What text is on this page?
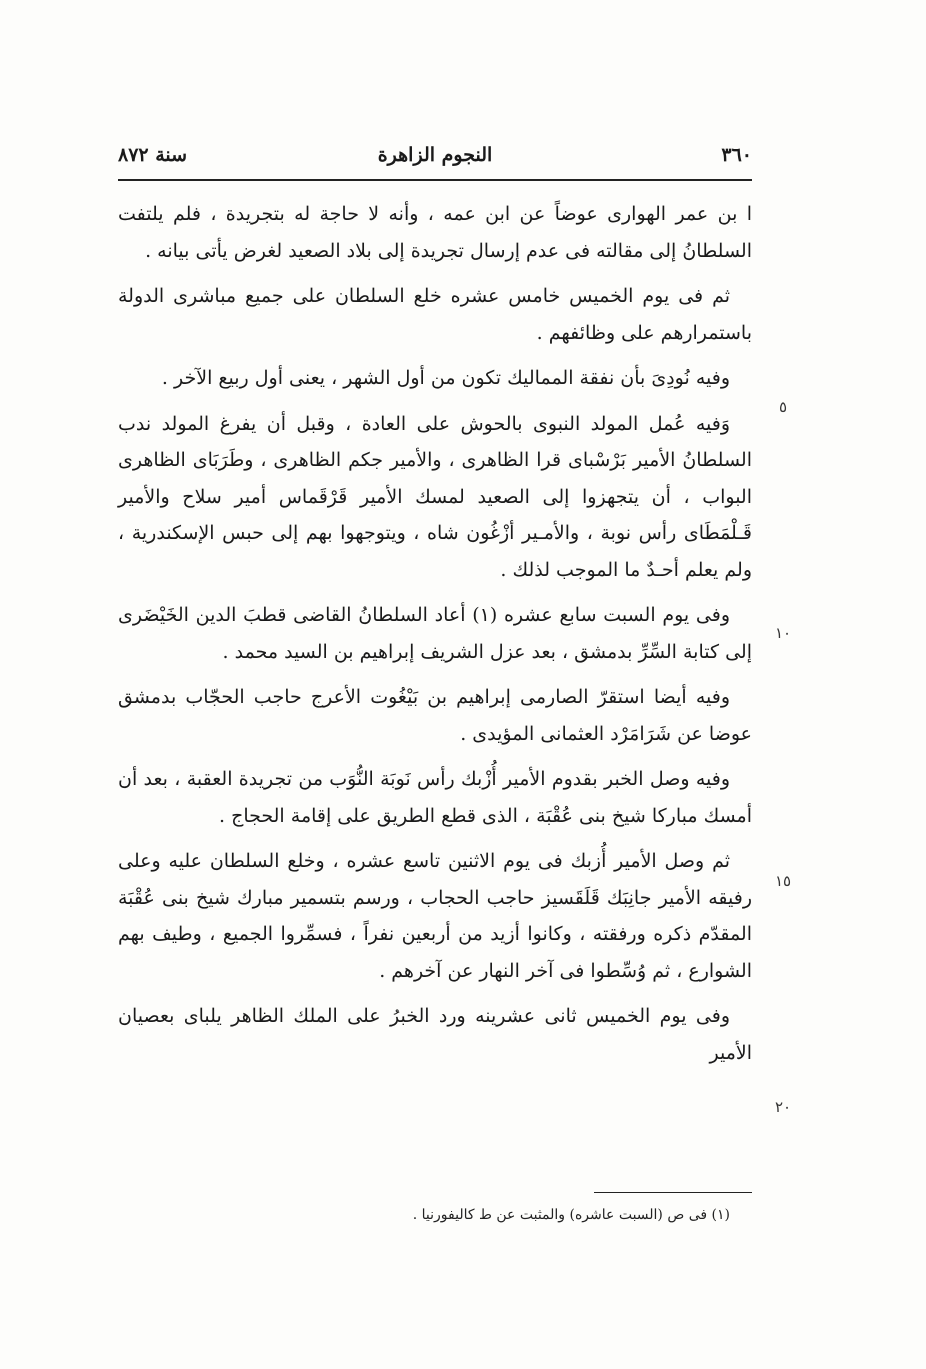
٣٦٠
النجوم الزاهرة
سنة ٨٧٢

ا بن عمر الهوارى عوضاً عن ابن عمه ، وأنه لا حاجة له بتجريدة ، فلم يلتفت السلطانُ إلى مقالته فى عدم إرسال تجريدة إلى بلاد الصعيد لغرض يأتى بيانه .

ثم فى يوم الخميس خامس عشره خلع السلطان على جميع مباشرى الدولة باستمرارهم على وظائفهم .

وفيه نُودِىَ بأن نفقة المماليك تكون من أول الشهر ، يعنى أول ربيع الآخر .

وَفيه عُمل المولد النبوى بالحوش على العادة ، وقبل أن يفرغ المولد ندب السلطانُ الأمير بَرْسْباى قرا الظاهرى ، والأمير جكم الظاهرى ، وطَرَبَاى الظاهرى البواب ، أن يتجهزوا إلى الصعيد لمسك الأمير قَرْقَماس أمير سلاح والأمير قَـلْمَطَاى رأس نوبة ، والأمـير أزْغُون شاه ، ويتوجهوا بهم إلى حبس الإسكندرية ، ولم يعلم أحـدٌ ما الموجب لذلك .

وفى يوم السبت سابع عشره (١) أعاد السلطانُ القاضى قطبَ الدين الخَيْضَرى إلى كتابة السِّرِّ بدمشق ، بعد عزل الشريف إبراهيم بن السيد محمد .

وفيه أيضا استقرّ الصارمى إبراهيم بن بَيْغُوت الأعرج حاجب الحجّاب بدمشق عوضا عن شَرَامَرْد العثمانى المؤيدى .

وفيه وصل الخبر بقدوم الأمير أُزْبك رأس نَوبَة النُّوَب من تجريدة العقبة ، بعد أن أمسك مباركا شيخ بنى عُقْبَة ، الذى قطع الطريق على إقامة الحجاج .

ثم وصل الأمير أُزبك فى يوم الاثنين تاسع عشره ، وخلع السلطان عليه وعلى رفيقه الأمير جانِبَك قَلَقَسيز حاجب الحجاب ، ورسم بتسمير مبارك شيخ بنى عُقْبَة المقدّم ذكره ورفقته ، وكانوا أزيد من أربعين نفراً ، فسمِّروا الجميع ، وطيف بهم الشوارع ، ثم وُسِّطوا فى آخر النهار عن آخرهم .

وفى يوم الخميس ثانى عشرينه ورد الخبرُ على الملك الظاهر يلباى بعصيان الأمير

٥
١٠
١٥
٢٠
(١) فى ص (السبت عاشره) والمثبت عن ط كاليفورنيا .
